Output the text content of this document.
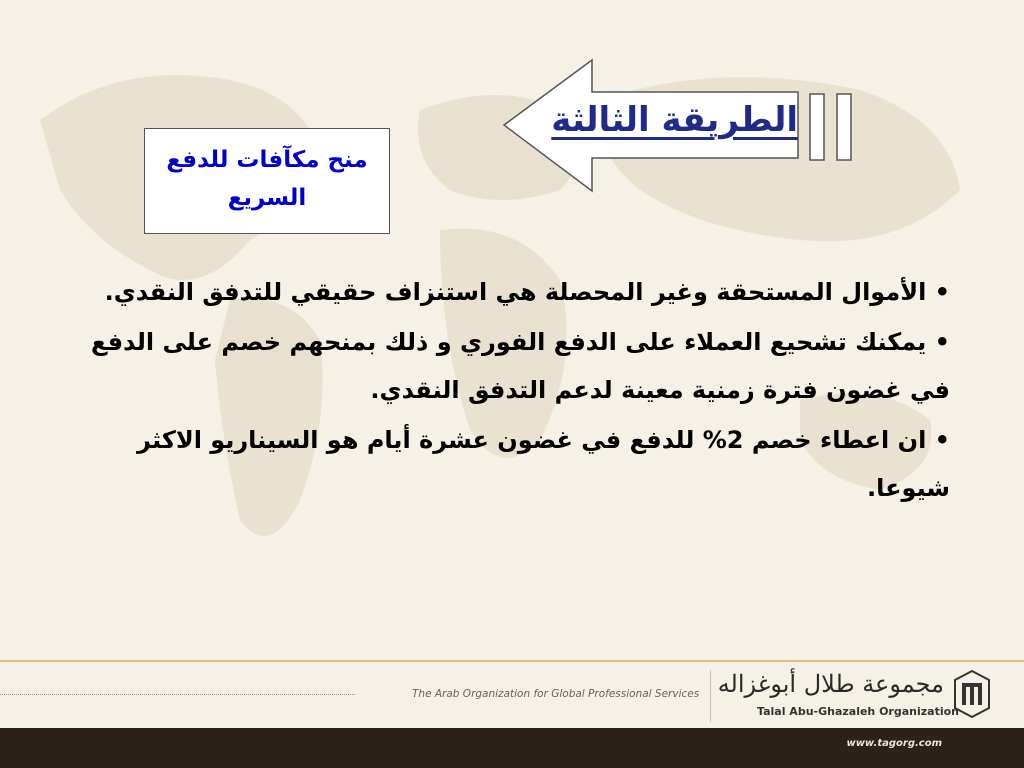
الطريقة الثالثة
منح مكآفات للدفع
السريع
• الأموال المستحقة وغير المحصلة هي استنزاف حقيقي للتدفق النقدي.
• يمكنك تشحيع العملاء على الدفع الفوري و ذلك بمنحهم خصم على الدفع في غضون فترة زمنية معينة لدعم التدفق النقدي.
• ان اعطاء خصم 2% للدفع في غضون عشرة أيام هو السيناريو الاكثر شيوعا.
The Arab Organization for Global Professional Services مجموعة طلال أبوغزاله
Talal Abu-Ghazaleh Organization
www.tagorg.com
